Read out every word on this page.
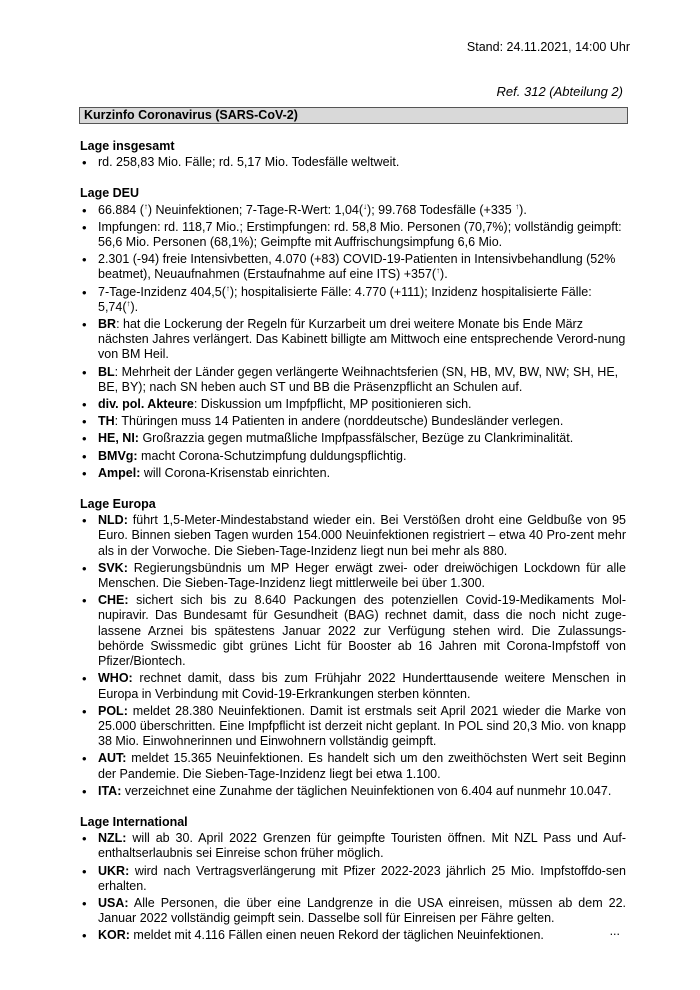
Stand: 24.11.2021, 14:00 Uhr
Ref. 312 (Abteilung 2)
Kurzinfo Coronavirus (SARS-CoV-2)
Lage insgesamt
• rd. 258,83 Mio. Fälle; rd. 5,17 Mio. Todesfälle weltweit.
Lage DEU
• 66.884 (↑) Neuinfektionen; 7-Tage-R-Wert: 1,04(↓); 99.768 Todesfälle (+335 ↑).
• Impfungen: rd. 118,7 Mio.; Erstimpfungen: rd. 58,8 Mio. Personen (70,7%); vollständig geimpft: 56,6 Mio. Personen (68,1%); Geimpfte mit Auffrischungsimpfung 6,6 Mio.
• 2.301 (-94) freie Intensivbetten, 4.070 (+83) COVID-19-Patienten in Intensivbehandlung (52% beatmet), Neuaufnahmen (Erstaufnahme auf eine ITS) +357(↑).
• 7-Tage-Inzidenz 404,5(↑); hospitalisierte Fälle: 4.770 (+111); Inzidenz hospitalisierte Fälle: 5,74(↑).
• BR: hat die Lockerung der Regeln für Kurzarbeit um drei weitere Monate bis Ende März nächsten Jahres verlängert. Das Kabinett billigte am Mittwoch eine entsprechende Verord-nung von BM Heil.
• BL: Mehrheit der Länder gegen verlängerte Weihnachtsferien (SN, HB, MV, BW, NW; SH, HE, BE, BY); nach SN heben auch ST und BB die Präsenzpflicht an Schulen auf.
• div. pol. Akteure: Diskussion um Impfpflicht, MP positionieren sich.
• TH: Thüringen muss 14 Patienten in andere (norddeutsche) Bundesländer verlegen.
• HE, NI: Großrazzia gegen mutmaßliche Impfpassfälscher, Bezüge zu Clankriminalität.
• BMVg: macht Corona-Schutzimpfung duldungspflichtig.
• Ampel: will Corona-Krisenstab einrichten.
Lage Europa
• NLD: führt 1,5-Meter-Mindestabstand wieder ein. Bei Verstößen droht eine Geldbuße von 95 Euro. Binnen sieben Tagen wurden 154.000 Neuinfektionen registriert – etwa 40 Pro-zent mehr als in der Vorwoche. Die Sieben-Tage-Inzidenz liegt nun bei mehr als 880.
• SVK: Regierungsbündnis um MP Heger erwägt zwei- oder dreiwöchigen Lockdown für alle Menschen. Die Sieben-Tage-Inzidenz liegt mittlerweile bei über 1.300.
• CHE: sichert sich bis zu 8.640 Packungen des potenziellen Covid-19-Medikaments Mol-nupiravir. Das Bundesamt für Gesundheit (BAG) rechnet damit, dass die noch nicht zuge-lassene Arznei bis spätestens Januar 2022 zur Verfügung stehen wird. Die Zulassungs-behörde Swissmedic gibt grünes Licht für Booster ab 16 Jahren mit Corona-Impfstoff von Pfizer/Biontech.
• WHO: rechnet damit, dass bis zum Frühjahr 2022 Hunderttausende weitere Menschen in Europa in Verbindung mit Covid-19-Erkrankungen sterben könnten.
• POL: meldet 28.380 Neuinfektionen. Damit ist erstmals seit April 2021 wieder die Marke von 25.000 überschritten. Eine Impfpflicht ist derzeit nicht geplant. In POL sind 20,3 Mio. von knapp 38 Mio. Einwohnerinnen und Einwohnern vollständig geimpft.
• AUT: meldet 15.365 Neuinfektionen. Es handelt sich um den zweithöchsten Wert seit Beginn der Pandemie. Die Sieben-Tage-Inzidenz liegt bei etwa 1.100.
• ITA: verzeichnet eine Zunahme der täglichen Neuinfektionen von 6.404 auf nunmehr 10.047.
Lage International
• NZL: will ab 30. April 2022 Grenzen für geimpfte Touristen öffnen. Mit NZL Pass und Auf-enthaltserlaubnis sei Einreise schon früher möglich.
• UKR: wird nach Vertragsverlängerung mit Pfizer 2022-2023 jährlich 25 Mio. Impfstoffdo-sen erhalten.
• USA: Alle Personen, die über eine Landgrenze in die USA einreisen, müssen ab dem 22. Januar 2022 vollständig geimpft sein. Dasselbe soll für Einreisen per Fähre gelten.
• KOR: meldet mit 4.116 Fällen einen neuen Rekord der täglichen Neuinfektionen.	...
